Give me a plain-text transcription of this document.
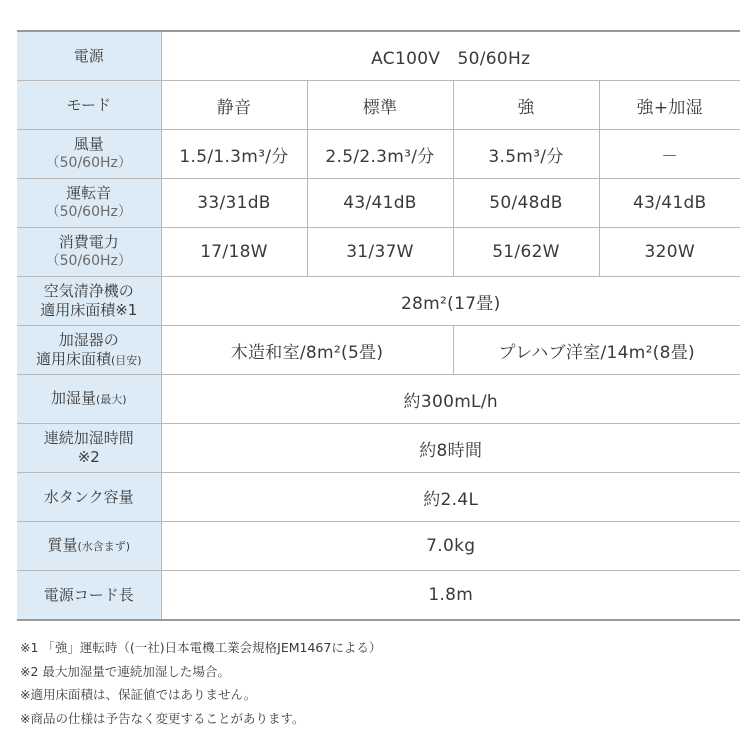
電源	AC100V　50/60Hz			
モード	静音	標準	強	強+加湿

風量
（50/60Hz）	1.5/1.3m³/分	2.5/2.3m³/分	3.5m³/分	－

運転音
（50/60Hz）	33/31dB	43/41dB	50/48dB	43/41dB

消費電力
（50/60Hz）	17/18W	31/37W	51/62W	320W

空気清浄機の
適用床面積※1	28m²(17畳)			

加湿器の
適用床面積(目安)	木造和室/8m²(5畳)		プレハブ洋室/14m²(8畳)	
加湿量(最大)	約300mL/h			

連続加湿時間
※2	約8時間			
水タンク容量	約2.4L			
質量(水含まず)	7.0kg			
電源コード長	1.8m			
※1 「強」運転時（(一社)日本電機工業会規格JEM1467による）
※2 最大加湿量で連続加湿した場合。
※適用床面積は、保証値ではありません。
※商品の仕様は予告なく変更することがあります。
